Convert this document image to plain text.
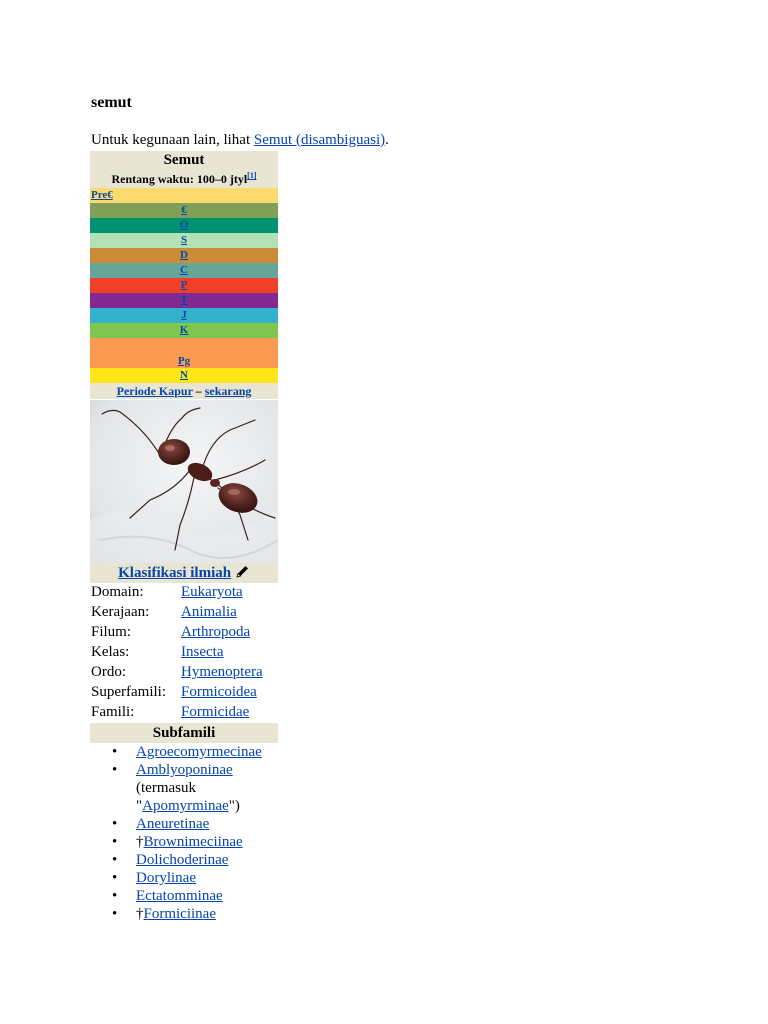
semut

Untuk kegunaan lain, lihat Semut (disambiguasi).

Semut
Rentang waktu: 100–0 jtyl[1]
Pre€
€
O
S
D
C
P
T
J
K
Pg
N
Periode Kapur – sekarang
Klasifikasi ilmiah
Domain:	Eukaryota
Kerajaan:	Animalia
Filum:	Arthropoda
Kelas:	Insecta
Ordo:	Hymenoptera
Superfamili:	Formicoidea
Famili:	Formicidae
Subfamili
• Agroecomyrmecinae
• Amblyoponinae (termasuk "Apomyrminae")
• Aneuretinae
• †Brownimeciinae
• Dolichoderinae
• Dorylinae
• Ectatomminae
• †Formiciinae
